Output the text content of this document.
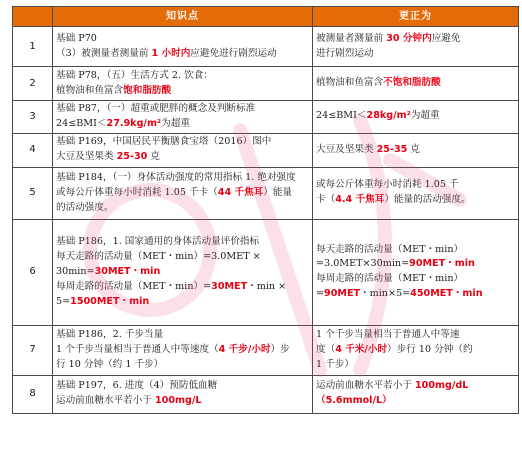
	知识点	更正为
1	基础 P70
（3）被测量者测量前 1 小时内应避免进行剧烈运动	被测量者测量前 30 分钟内应避免
进行剧烈运动

2	基础 P78，（五）生活方式 2. 饮食：
植物油和鱼富含饱和脂肪酸	植物油和鱼富含不饱和脂肪酸

3	基础 P87，（一）超重或肥胖的概念及判断标准
24≤BMI＜27.9kg/m²为超重	24≤BMI＜28kg/m²为超重

4	基础 P169，中国居民平衡膳食宝塔（2016）图中
大豆及坚果类 25-30 克	大豆及坚果类 25-35 克

5	基础 P184，（一）身体活动强度的常用指标 1. 绝对强度
或每公斤体重每小时消耗 1.05 千卡（44 千焦耳）能量
的活动强度。	或每公斤体重每小时消耗 1.05 千
卡（4.4 千焦耳）能量的活动强度。

6	基础 P186，1. 国家通用的身体活动量评价指标
每天走路的活动量（MET・min）=3.0MET ×
30min=30MET・min
每周走路的活动量（MET・min）=30MET・min ×
5=1500MET・min	每天走路的活动量（MET・min）
=3.0MET×30min=90MET・min
每周走路的活动量（MET・min）
=90MET・min×5=450MET・min

7	基础 P186，2. 千步当量
1 个千步当量相当于普通人中等速度（4 千步/小时）步
行 10 分钟（约 1 千步）	1 个千步当量相当于普通人中等速
度（4 千米/小时）步行 10 分钟（约
1 千步）

8	基础 P197，6. 进度（4）预防低血糖
运动前血糖水平若小于 100mg/L	运动前血糖水平若小于 100mg/dL
（5.6mmol/L）
